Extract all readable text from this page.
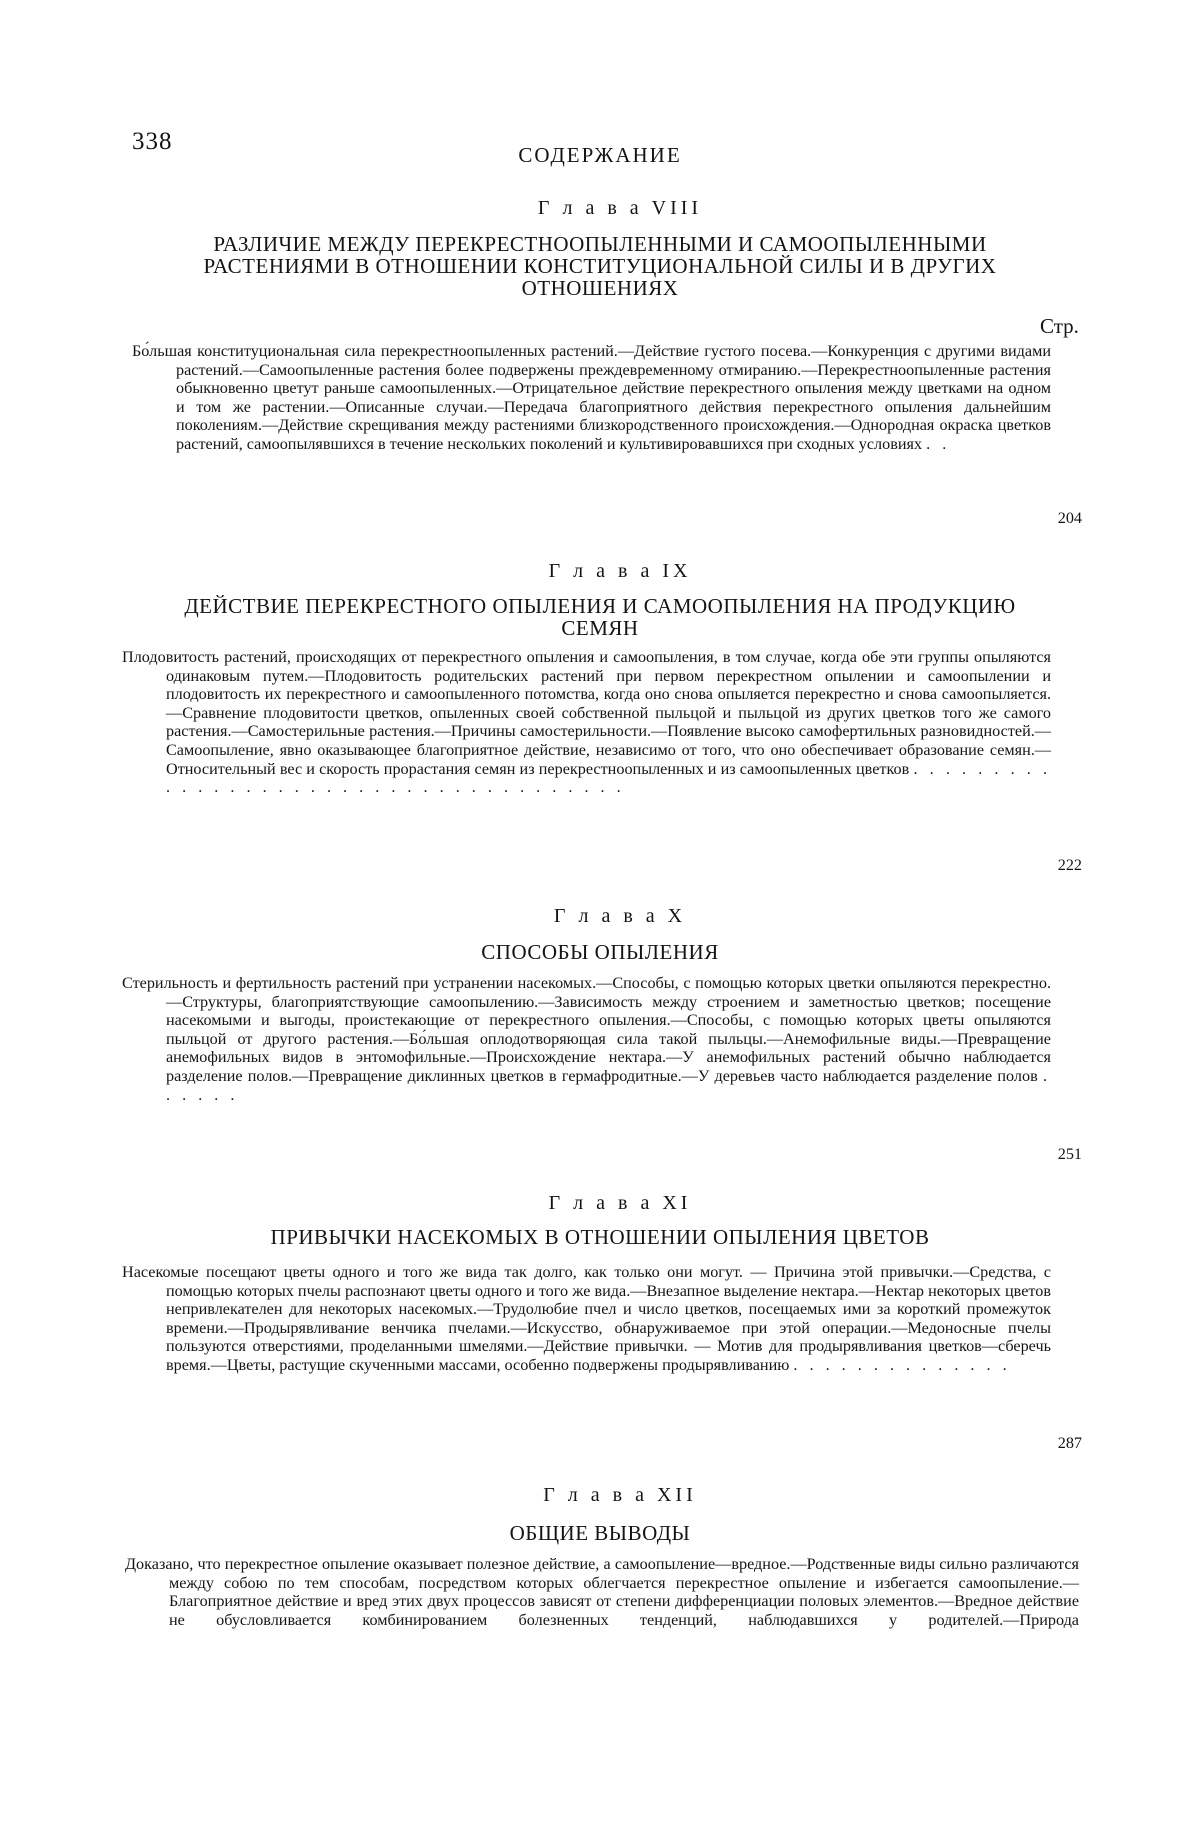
338	СОДЕРЖАНИЕ
Г л а в а VIII
РАЗЛИЧИЕ МЕЖДУ ПЕРЕКРЕСТНООПЫЛЕННЫМИ И САМООПЫЛЕННЫМИ РАСТЕНИЯМИ В ОТНОШЕНИИ КОНСТИТУЦИОНАЛЬНОЙ СИЛЫ И В ДРУГИХ ОТНОШЕНИЯХ
Стр.
Бо́льшая конституциональная сила перекрестноопыленных растений.—Действие густого посева.—Конкуренция с другими видами растений.—Самоопыленные растения более подвержены преждевременному отмиранию.—Перекрестноопыленные растения обыкновенно цветут раньше самоопыленных.—Отрицательное действие перекрестного опыления между цветками на одном и том же растении.—Описанные случаи.—Передача благоприятного действия перекрестного опыления дальнейшим поколениям.—Действие скрещивания между растениями близкородственного происхождения.—Однородная окраска цветков растений, самоопылявшихся в течение нескольких поколений и культивировавшихся при сходных условиях . .
204
Г л а в а IX
ДЕЙСТВИЕ ПЕРЕКРЕСТНОГО ОПЫЛЕНИЯ И САМООПЫЛЕНИЯ НА ПРОДУКЦИЮ СЕМЯН
Плодовитость растений, происходящих от перекрестного опыления и самоопыления, в том случае, когда обе эти группы опыляются одинаковым путем.—Плодовитость родительских растений при первом перекрестном опылении и самоопылении и плодовитость их перекрестного и самоопыленного потомства, когда оно снова опыляется перекрестно и снова самоопыляется.—Сравнение плодовитости цветков, опыленных своей собственной пыльцой и пыльцой из других цветков того же самого растения.—Самостерильные растения.—Причины самостерильности.—Появление высоко самофертильных разновидностей.—Самоопыление, явно оказывающее благоприятное действие, независимо от того, что оно обеспечивает образование семян.—Относительный вес и скорость прорастания семян из перекрестноопыленных и из самоопыленных цветков . . . . . . . . . . . . . . . . . . . . . . . . . . . . . . . . . . . . . .
222
Г л а в а X
СПОСОБЫ ОПЫЛЕНИЯ
Стерильность и фертильность растений при устранении насекомых.—Способы, с помощью которых цветки опыляются перекрестно.—Структуры, благоприятствующие самоопылению.—Зависимость между строением и заметностью цветков; посещение насекомыми и выгоды, проистекающие от перекрестного опыления.—Способы, с помощью которых цветы опыляются пыльцой от другого растения.—Бо́льшая оплодотворяющая сила такой пыльцы.—Анемофильные виды.—Превращение анемофильных видов в энтомофильные.—Происхождение нектара.—У анемофильных растений обычно наблюдается разделение полов.—Превращение диклинных цветков в гермафродитные.—У деревьев часто наблюдается разделение полов . . . . . .
251
Г л а в а XI
ПРИВЫЧКИ НАСЕКОМЫХ В ОТНОШЕНИИ ОПЫЛЕНИЯ ЦВЕТОВ
Насекомые посещают цветы одного и того же вида так долго, как только они могут. — Причина этой привычки.—Средства, с помощью которых пчелы распознают цветы одного и того же вида.—Внезапное выделение нектара.—Нектар некоторых цветов непривлекателен для некоторых насекомых.—Трудолюбие пчел и число цветков, посещаемых ими за короткий промежуток времени.—Продырявливание венчика пчелами.—Искусство, обнаруживаемое при этой операции.—Медоносные пчелы пользуются отверстиями, проделанными шмелями.—Действие привычки. — Мотив для продырявливания цветков—сберечь время.—Цветы, растущие скученными массами, особенно подвержены продырявливанию . . . . . . . . . . . . . .
287
Г л а в а XII
ОБЩИЕ ВЫВОДЫ
Доказано, что перекрестное опыление оказывает полезное действие, а самоопыление—вредное.—Родственные виды сильно различаются между собою по тем способам, посредством которых облегчается перекрестное опыление и избегается самоопыление.—Благоприятное действие и вред этих двух процессов зависят от степени дифференциации половых элементов.—Вредное действие не обусловливается комбинированием болезненных тенденций, наблюдавшихся у родителей.—Природа
